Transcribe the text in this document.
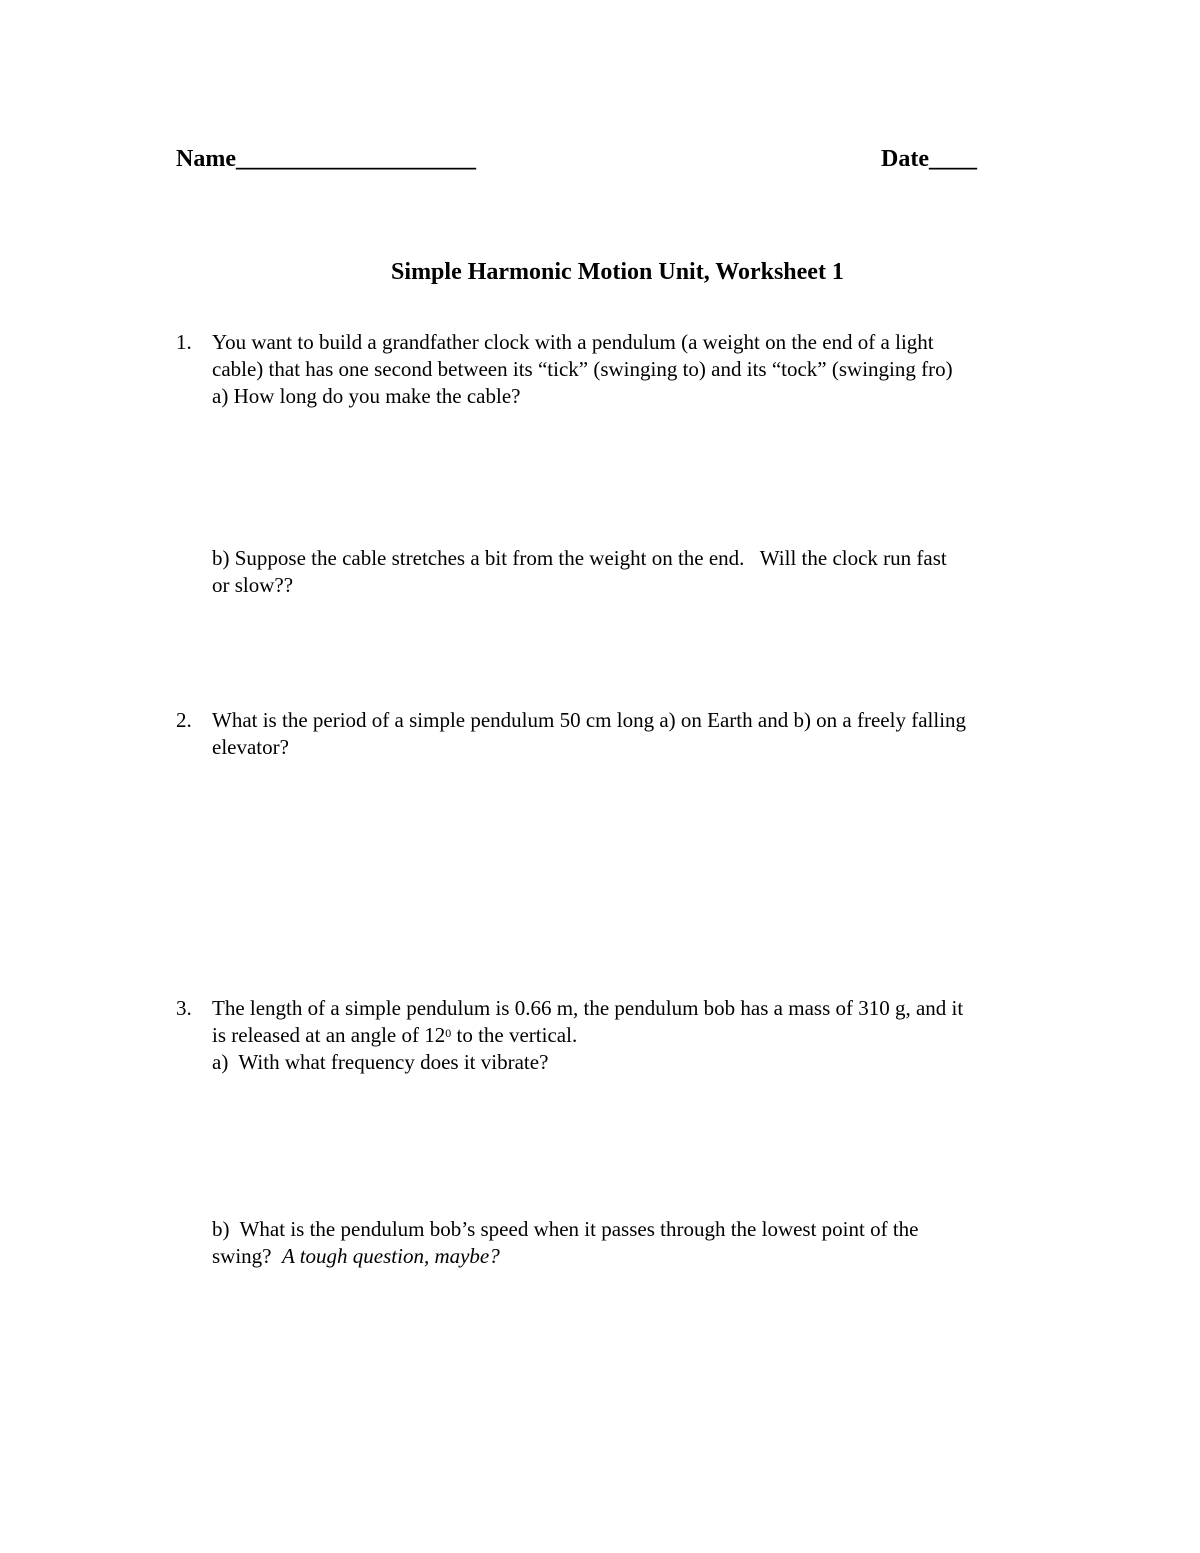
Name____________________	Date____
Simple Harmonic Motion Unit, Worksheet 1
1. You want to build a grandfather clock with a pendulum (a weight on the end of a light
cable) that has one second between its “tick” (swinging to) and its “tock” (swinging fro)
a) How long do you make the cable?
b) Suppose the cable stretches a bit from the weight on the end.   Will the clock run fast
or slow??
2. What is the period of a simple pendulum 50 cm long a) on Earth and b) on a freely falling
elevator?
3. The length of a simple pendulum is 0.66 m, the pendulum bob has a mass of 310 g, and it
is released at an angle of $12^0$ to the vertical.
a)  With what frequency does it vibrate?
b)  What is the pendulum bob’s speed when it passes through the lowest point of the
swing?  A tough question, maybe?
